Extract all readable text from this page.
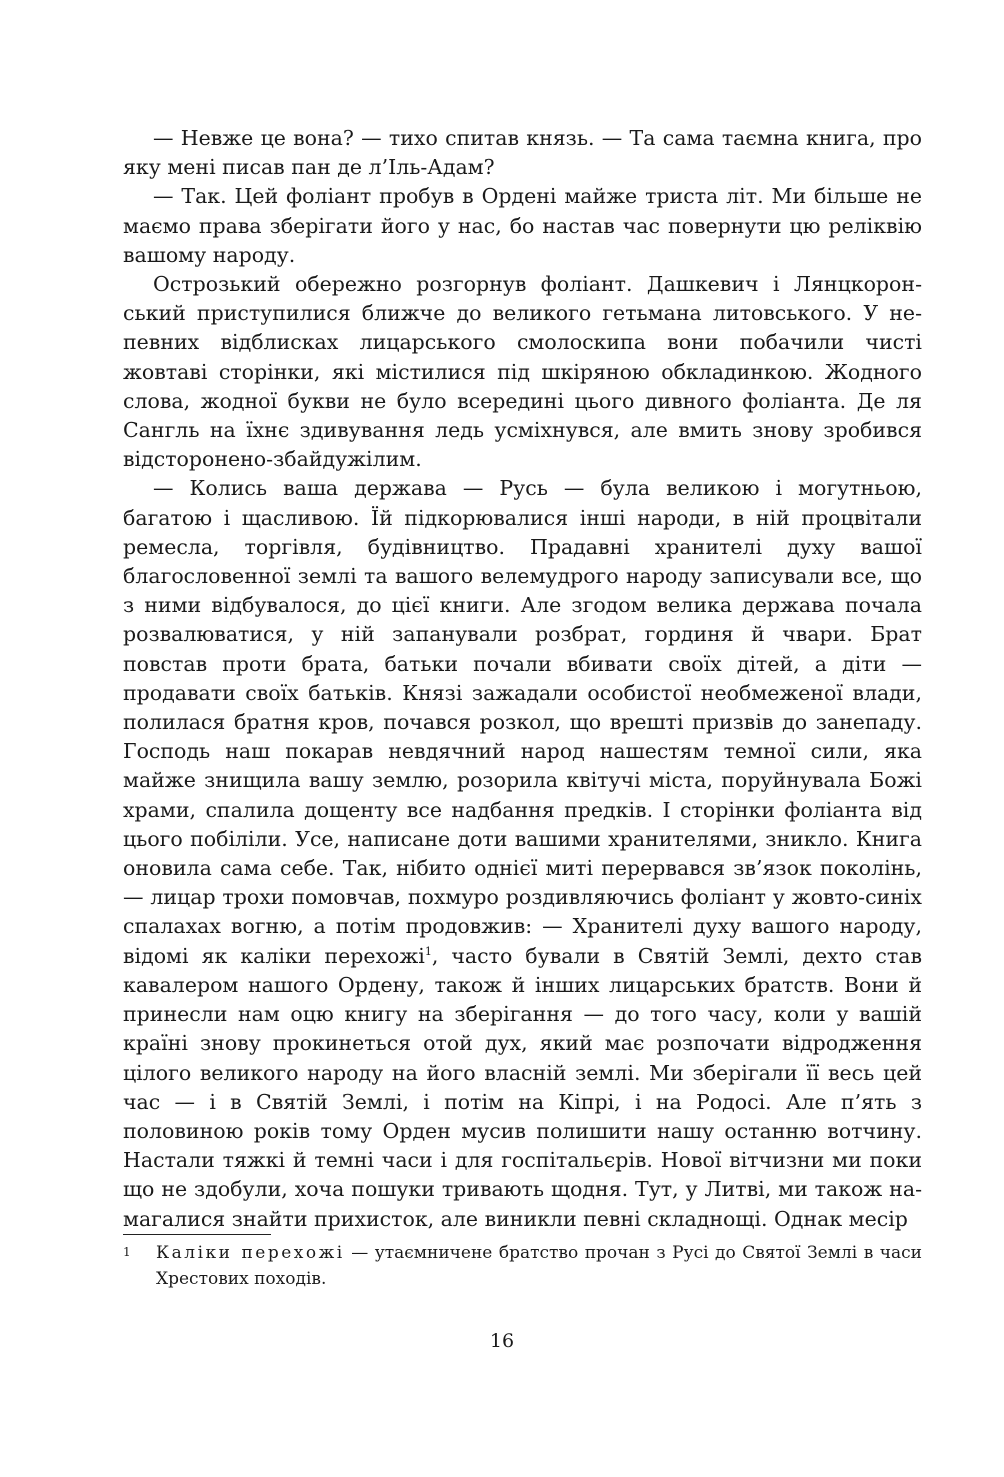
— Невже це вона? — тихо спитав князь. — Та сама таємна книга, про яку мені писав пан де л’Іль-Адам?

— Так. Цей фоліант пробув в Ордені майже триста літ. Ми більше не маємо права зберігати його у нас, бо настав час повернути цю реліквію вашому народу.

Острозький обережно розгорнув фоліант. Дашкевич і Лянцкоронський приступилися ближче до великого гетьмана литовського. У непевних відблисках лицарського смолоскипа вони побачили чисті жовтаві сторінки, які містилися під шкіряною обкладинкою. Жодного слова, жодної букви не було всередині цього дивного фоліанта. Де ля Сангль на їхнє здивування ледь усміхнувся, але вмить знову зробився відсторонено-збайдужілим.

— Колись ваша держава — Русь — була великою і могутньою, багатою і щасливою. Їй підкорювалися інші народи, в ній процвітали ремесла, торгівля, будівництво. Прадавні хранителі духу вашої благословенної землі та вашого велемудрого народу записували все, що з ними відбувалося, до цієї книги. Але згодом велика держава почала розвалюватися, у ній запанували розбрат, гординя й чвари. Брат повстав проти брата, батьки почали вбивати своїх дітей, а діти — продавати своїх батьків. Князі зажадали особистої необмеженої влади, полилася братня кров, почався розкол, що врешті призвів до занепаду. Господь наш покарав невдячний народ нашестям темної сили, яка майже знищила вашу землю, розорила квітучі міста, поруйнувала Божі храми, спалила дощенту все надбання предків. І сторінки фоліанта від цього побіліли. Усе, написане доти вашими хранителями, зникло. Книга оновила сама себе. Так, нібито однієї миті перервався зв’язок поколінь, — лицар трохи помовчав, похмуро роздивляючись фоліант у жовто-синіх спалахах вогню, а потім продовжив: — Хранителі духу вашого народу, відомі як каліки перехожі$^1$, часто бували в Святій Землі, дехто став кавалером нашого Ордену, також й інших лицарських братств. Вони й принесли нам оцю книгу на зберігання — до того часу, коли у вашій країні знову прокинеться отой дух, який має розпочати відродження цілого великого народу на його власній землі. Ми зберігали її весь цей час — і в Святій Землі, і потім на Кіпрі, і на Родосі. Але п’ять з половиною років тому Орден мусив полишити нашу останню вотчину. Настали тяжкі й темні часи і для госпітальєрів. Нової вітчизни ми поки що не здобули, хоча пошуки тривають щодня. Тут, у Литві, ми також намагалися знайти прихисток, але виникли певні складнощі. Однак месір

1 Каліки перехожі — утаємничене братство прочан з Русі до Святої Землі в часи Хрестових походів.
16
